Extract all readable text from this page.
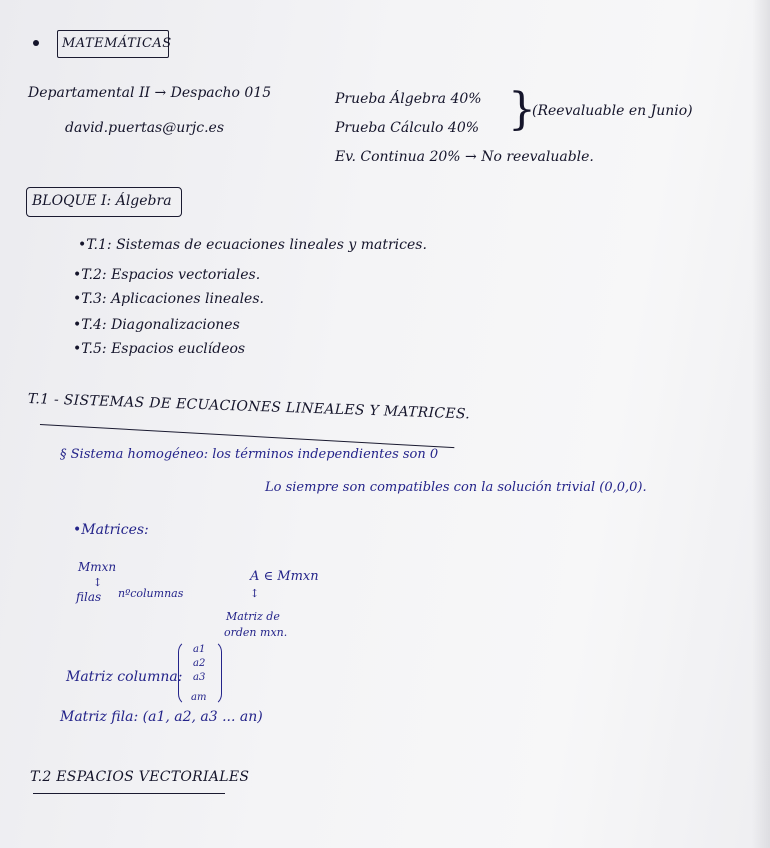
MATEMÁTICAS
Departamental II → Despacho 015
david.puertas@urjc.es
Prueba Álgebra 40%
Prueba Cálculo 40%
Ev. Continua 20% → No reevaluable.
}
(Reevaluable en Junio)
BLOQUE I: Álgebra
•T.1: Sistemas de ecuaciones lineales y matrices.
•T.2: Espacios vectoriales.
•T.3: Aplicaciones lineales.
•T.4: Diagonalizaciones
•T.5: Espacios euclídeos
T.1 - SISTEMAS DE ECUACIONES LINEALES Y MATRICES.
§ Sistema homogéneo: los términos independientes son 0
Lo siempre son compatibles con la solución trivial (0,0,0).
•Matrices:
Mmxn
↕
filas nºcolumnas
A ∈ Mmxn
↕
Matriz de
orden mxn.
Matriz columna:
a1
a2
a3
am
Matriz fila: (a1, a2, a3 ... an)
T.2 ESPACIOS VECTORIALES
